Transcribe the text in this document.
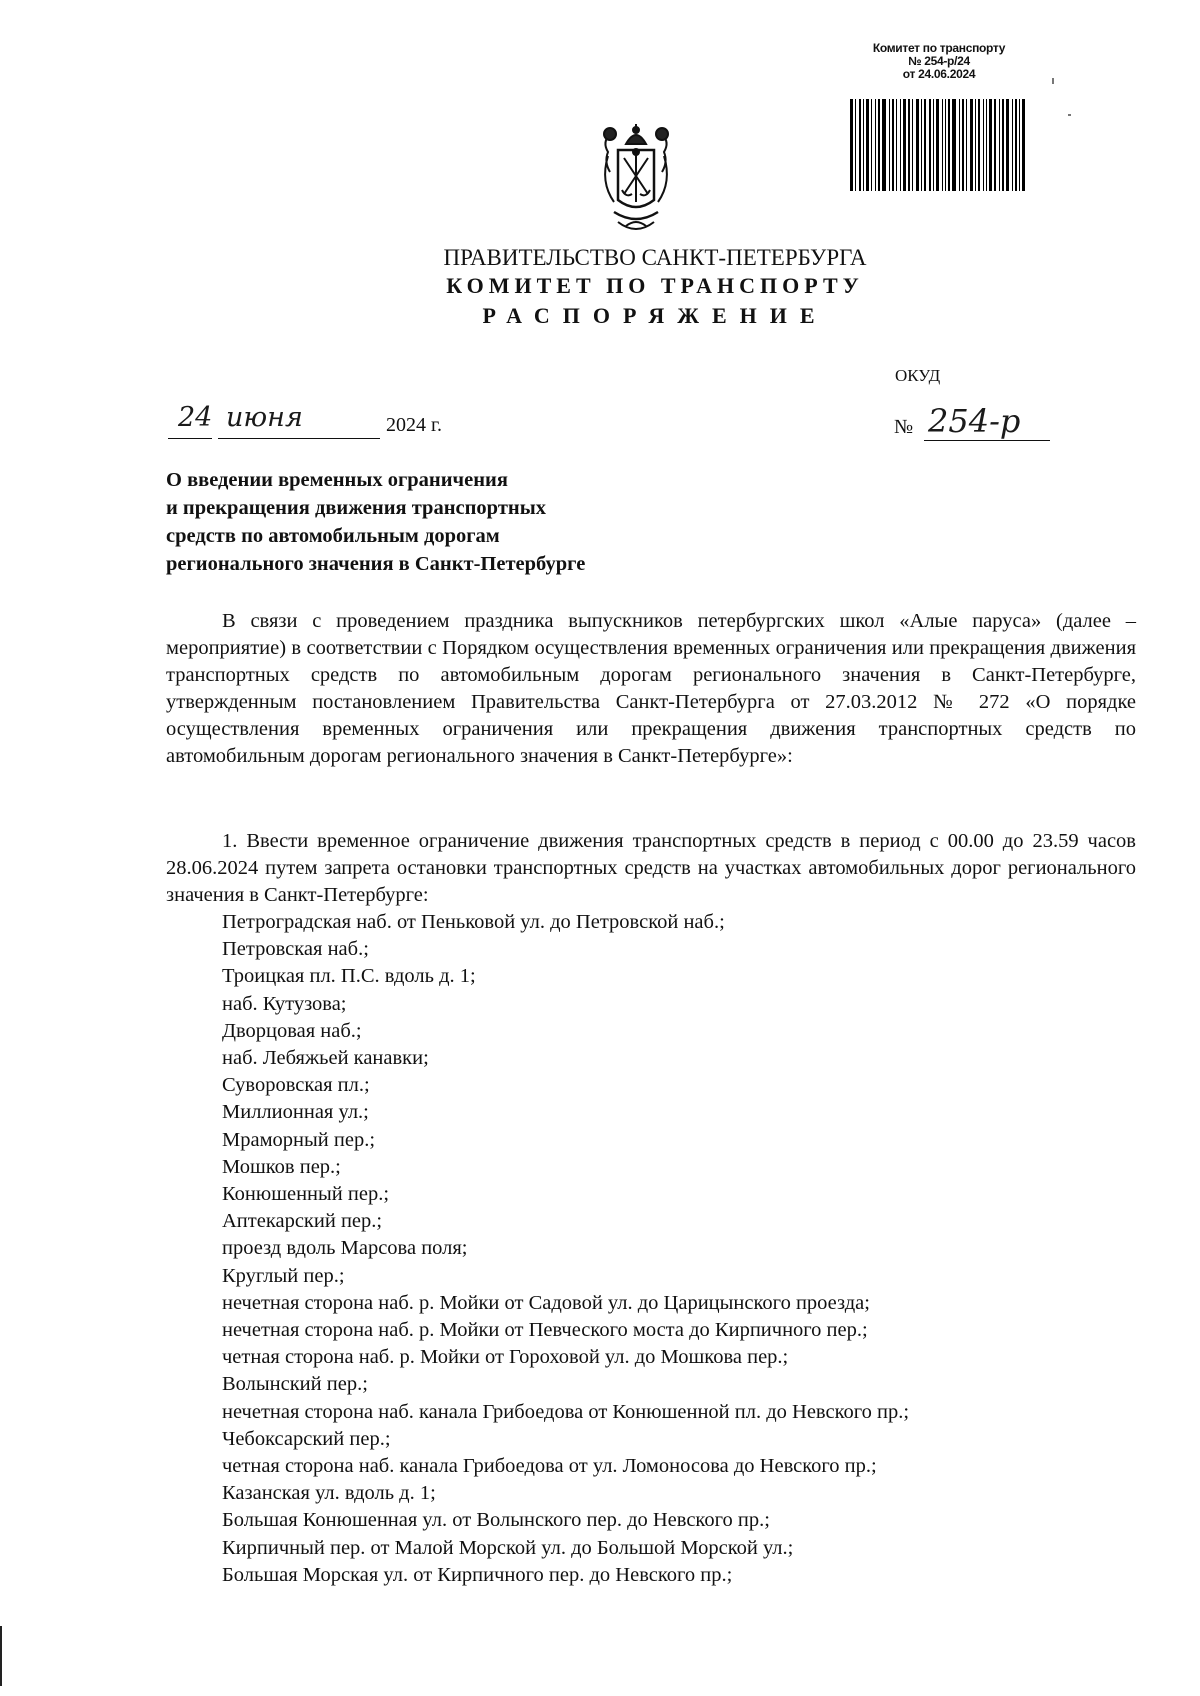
Комитет по транспорту
№ 254-р/24
от 24.06.2024
ПРАВИТЕЛЬСТВО САНКТ-ПЕТЕРБУРГА
КОМИТЕТ ПО ТРАНСПОРТУ
РАСПОРЯЖЕНИЕ
ОКУД
24 июня	2024 г.	№ 254-р
О введении временных ограничения
и прекращения движения транспортных
средств по автомобильным дорогам
регионального значения в Санкт-Петербурге

В связи с проведением праздника выпускников петербургских школ «Алые паруса» (далее – мероприятие) в соответствии с Порядком осуществления временных ограничения или прекращения движения транспортных средств по автомобильным дорогам регионального значения в Санкт-Петербурге, утвержденным постановлением Правительства Санкт-Петербурга от 27.03.2012 № 272 «О порядке осуществления временных ограничения или прекращения движения транспортных средств по автомобильным дорогам регионального значения в Санкт-Петербурге»:

1. Ввести временное ограничение движения транспортных средств в период с 00.00 до 23.59 часов 28.06.2024 путем запрета остановки транспортных средств на участках автомобильных дорог регионального значения в Санкт-Петербурге:

Петроградская наб. от Пеньковой ул. до Петровской наб.;
Петровская наб.;
Троицкая пл. П.С. вдоль д. 1;
наб. Кутузова;
Дворцовая наб.;
наб. Лебяжьей канавки;
Суворовская пл.;
Миллионная ул.;
Мраморный пер.;
Мошков пер.;
Конюшенный пер.;
Аптекарский пер.;
проезд вдоль Марсова поля;
Круглый пер.;
нечетная сторона наб. р. Мойки от Садовой ул. до Царицынского проезда;
нечетная сторона наб. р. Мойки от Певческого моста до Кирпичного пер.;
четная сторона наб. р. Мойки от Гороховой ул. до Мошкова пер.;
Волынский пер.;
нечетная сторона наб. канала Грибоедова от Конюшенной пл. до Невского пр.;
Чебоксарский пер.;
четная сторона наб. канала Грибоедова от ул. Ломоносова до Невского пр.;
Казанская ул. вдоль д. 1;
Большая Конюшенная ул. от Волынского пер. до Невского пр.;
Кирпичный пер. от Малой Морской ул. до Большой Морской ул.;
Большая Морская ул. от Кирпичного пер. до Невского пр.;
